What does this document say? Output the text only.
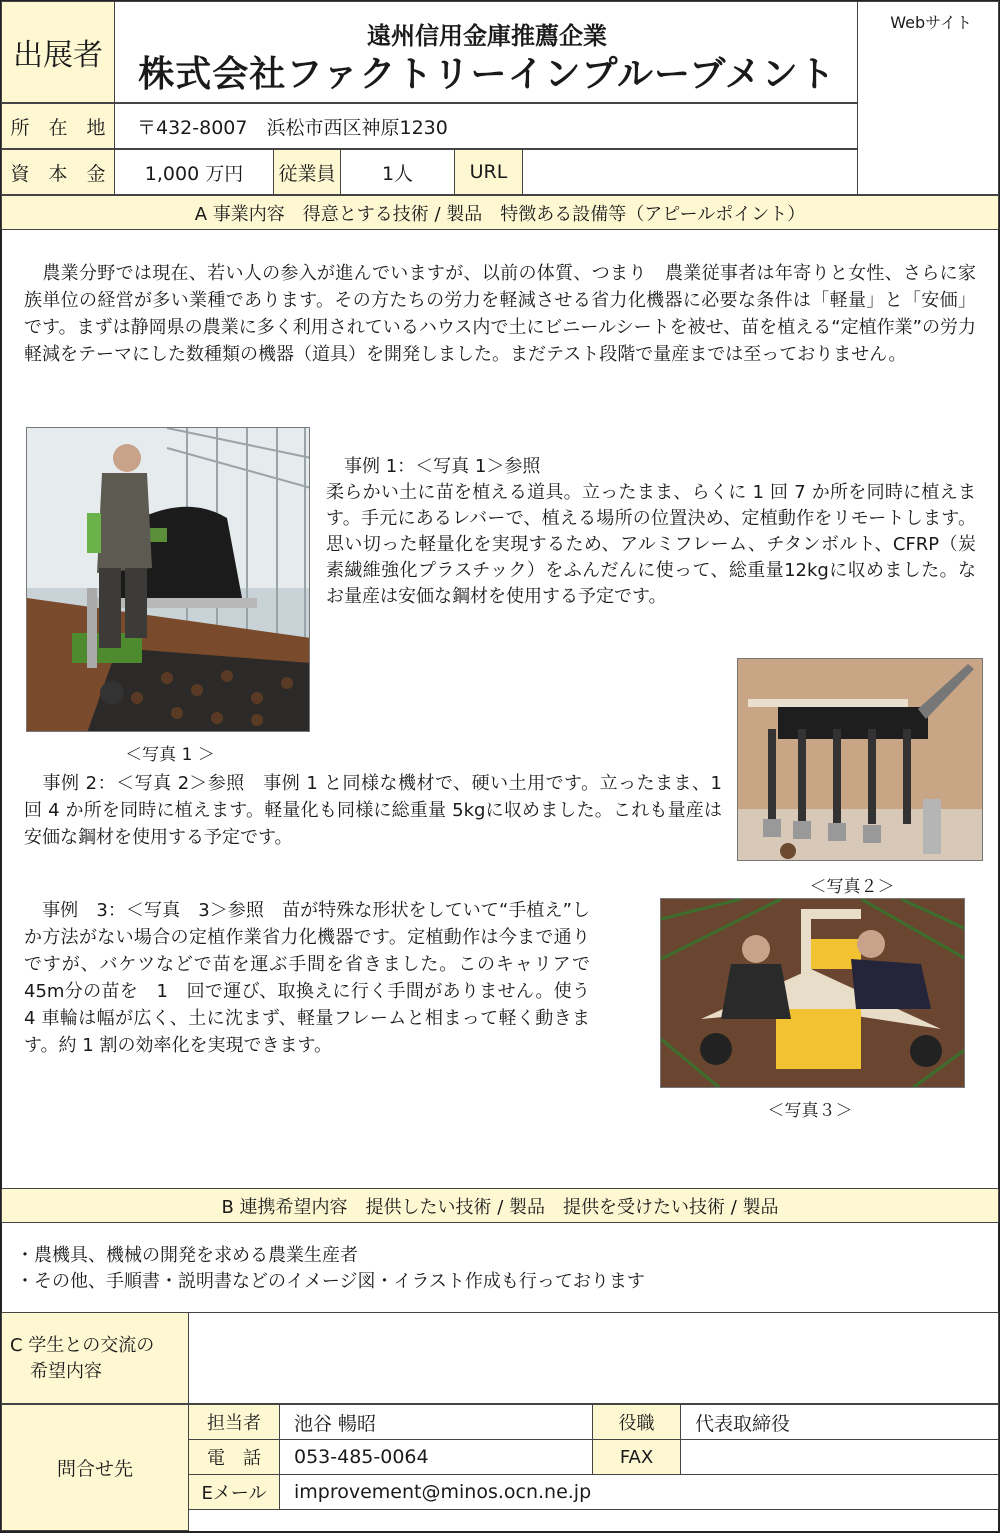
出展者
遠州信用金庫推薦企業
株式会社ファクトリーインプルーブメント
Webサイト
所　在　地	〒432-8007　浜松市西区神原1230
資　本　金	1,000 万円	従業員	1人	URL
A 事業内容　得意とする技術 / 製品　特徴ある設備等（アピールポイント）
　農業分野では現在、若い人の参入が進んでいますが、以前の体質、つまり　農業従事者は年寄りと女性、さらに家族単位の経営が多い業種であります。その方たちの労力を軽減させる省力化機器に必要な条件は「軽量」と「安価」です。まずは静岡県の農業に多く利用されているハウス内で土にビニールシートを被せ、苗を植える“定植作業”の労力軽減をテーマにした数種類の機器（道具）を開発しました。まだテスト段階で量産までは至っておりません。
＜写真 1 ＞

　事例 1：＜写真 1＞参照

柔らかい土に苗を植える道具。立ったまま、らくに 1 回 7 か所を同時に植えます。手元にあるレバーで、植える場所の位置決め、定植動作をリモートします。思い切った軽量化を実現するため、アルミフレーム、チタンボルト、CFRP（炭素繊維強化プラスチック）をふんだんに使って、総重量12kgに収めました。なお量産は安価な鋼材を使用する予定です。

＜写真２＞
　事例 2：＜写真 2＞参照　事例 1 と同様な機材で、硬い土用です。立ったまま、1 回 4 か所を同時に植えます。軽量化も同様に総重量 5kgに収めました。これも量産は安価な鋼材を使用する予定です。
　事例　3：＜写真　3＞参照　苗が特殊な形状をしていて“手植え”しか方法がない場合の定植作業省力化機器です。定植動作は今まで通りですが、バケツなどで苗を運ぶ手間を省きました。このキャリアで　45m分の苗を　1　回で運び、取換えに行く手間がありません。使う 4 車輪は幅が広く、土に沈まず、軽量フレームと相まって軽く動きます。約 1 割の効率化を実現できます。
＜写真３＞
B 連携希望内容　提供したい技術 / 製品　提供を受けたい技術 / 製品
・農機具、機械の開発を求める農業生産者
・その他、手順書・説明書などのイメージ図・イラスト作成も行っております
C 学生との交流の
希望内容
問合せ先
担当者	池谷 暢昭	役職	代表取締役
電　話	053-485-0064	FAX
Eメール	improvement@minos.ocn.ne.jp
